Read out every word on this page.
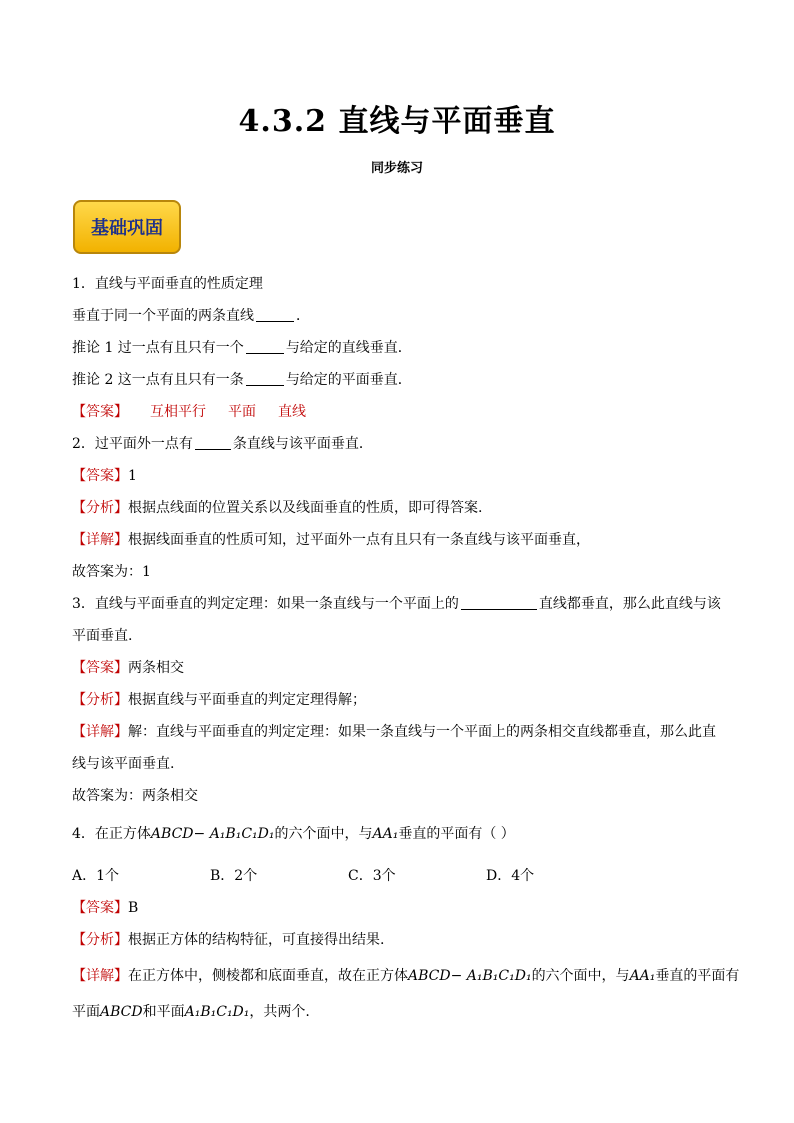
4.3.2 直线与平面垂直
同步练习
基础巩固
1．直线与平面垂直的性质定理
垂直于同一个平面的两条直线	．
推论 1 过一点有且只有一个	与给定的直线垂直．
推论 2 这一点有且只有一条	与给定的平面垂直．
【答案】 互相平行 平面 直线
2．过平面外一点有	条直线与该平面垂直．
【答案】1
【分析】根据点线面的位置关系以及线面垂直的性质，即可得答案.
【详解】根据线面垂直的性质可知，过平面外一点有且只有一条直线与该平面垂直，
故答案为：1
3．直线与平面垂直的判定定理：如果一条直线与一个平面上的	直线都垂直，那么此直线与该
平面垂直.
【答案】两条相交
【分析】根据直线与平面垂直的判定定理得解；
【详解】解：直线与平面垂直的判定定理：如果一条直线与一个平面上的两条相交直线都垂直，那么此直
线与该平面垂直.
故答案为：两条相交
4．在正方体ABCD− A₁B₁C₁D₁的六个面中，与AA₁垂直的平面有（ ）
A．1个	B．2个	C．3个	D．4个
【答案】B
【分析】根据正方体的结构特征，可直接得出结果.
【详解】在正方体中，侧棱都和底面垂直，故在正方体ABCD− A₁B₁C₁D₁的六个面中，与AA₁垂直的平面有
平面ABCD和平面A₁B₁C₁D₁，共两个.
